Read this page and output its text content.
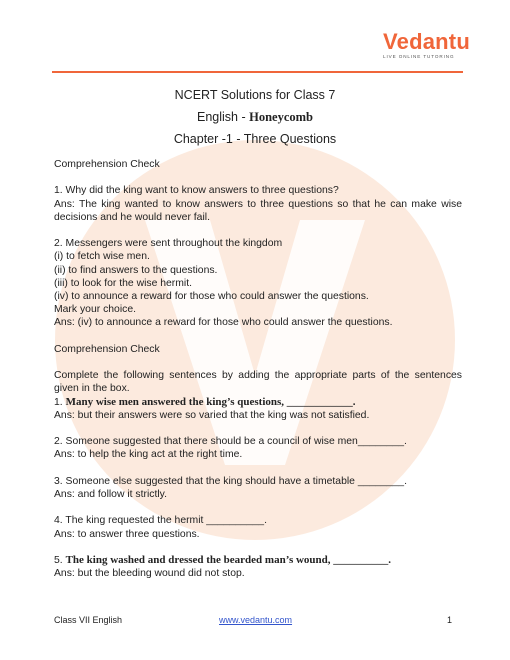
Vedantu
LIVE ONLINE TUTORING
NCERT Solutions for Class 7
English - Honeycomb
Chapter -1 - Three Questions

Comprehension Check

1. Why did the king want to know answers to three questions?

Ans: The king wanted to know answers to three questions so that he can make wise decisions and he would never fail.

2. Messengers were sent throughout the kingdom

(i) to fetch wise men.

(ii) to find answers to the questions.

(iii) to look for the wise hermit.

(iv) to announce a reward for those who could answer the questions.

Mark your choice.

Ans: (iv) to announce a reward for those who could answer the questions.

Comprehension Check

Complete the following sentences by adding the appropriate parts of the sentences given in the box.

1. Many wise men answered the king’s questions, ____________.

Ans: but their answers were so varied that the king was not satisfied.

2. Someone suggested that there should be a council of wise men________.

Ans: to help the king act at the right time.

3. Someone else suggested that the king should have a timetable ________.

Ans: and follow it strictly.

4. The king requested the hermit __________.

Ans: to answer three questions.

5. The king washed and dressed the bearded man’s wound, __________.

Ans: but the bleeding wound did not stop.

Class VII English	www.vedantu.com	1
